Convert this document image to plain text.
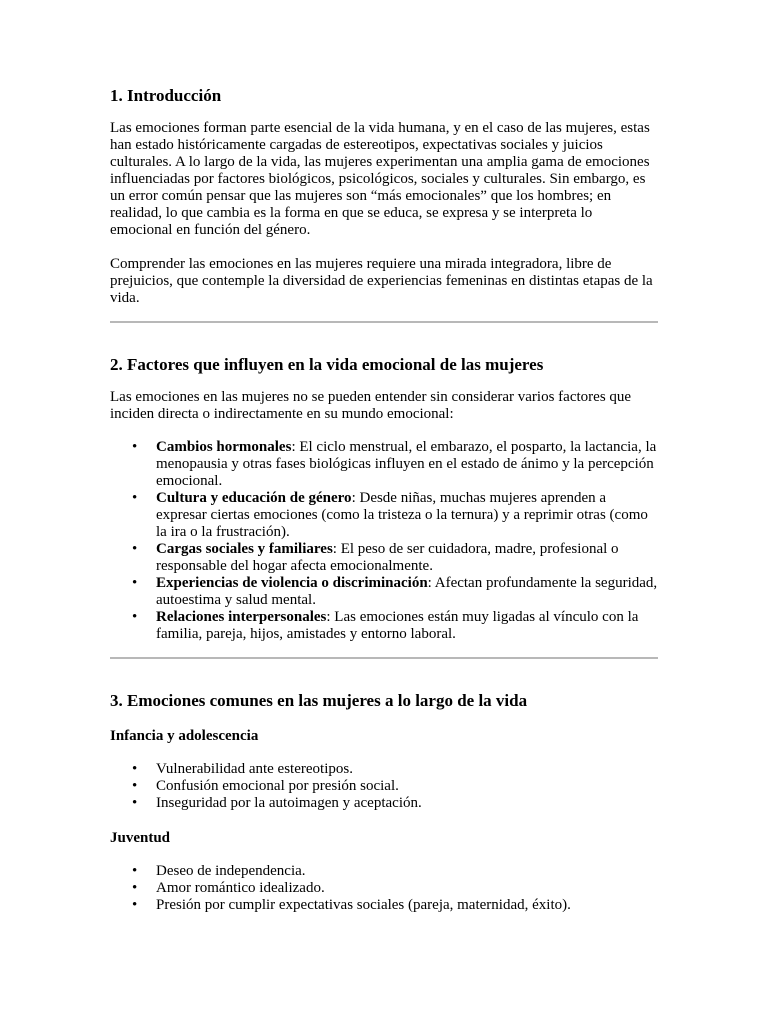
1. Introducción

Las emociones forman parte esencial de la vida humana, y en el caso de las mujeres, estas han estado históricamente cargadas de estereotipos, expectativas sociales y juicios culturales. A lo largo de la vida, las mujeres experimentan una amplia gama de emociones influenciadas por factores biológicos, psicológicos, sociales y culturales. Sin embargo, es un error común pensar que las mujeres son “más emocionales” que los hombres; en realidad, lo que cambia es la forma en que se educa, se expresa y se interpreta lo emocional en función del género.

Comprender las emociones en las mujeres requiere una mirada integradora, libre de prejuicios, que contemple la diversidad de experiencias femeninas en distintas etapas de la vida.

2. Factores que influyen en la vida emocional de las mujeres

Las emociones en las mujeres no se pueden entender sin considerar varios factores que inciden directa o indirectamente en su mundo emocional:

• Cambios hormonales: El ciclo menstrual, el embarazo, el posparto, la lactancia, la menopausia y otras fases biológicas influyen en el estado de ánimo y la percepción emocional.
• Cultura y educación de género: Desde niñas, muchas mujeres aprenden a expresar ciertas emociones (como la tristeza o la ternura) y a reprimir otras (como la ira o la frustración).
• Cargas sociales y familiares: El peso de ser cuidadora, madre, profesional o responsable del hogar afecta emocionalmente.
• Experiencias de violencia o discriminación: Afectan profundamente la seguridad, autoestima y salud mental.
• Relaciones interpersonales: Las emociones están muy ligadas al vínculo con la familia, pareja, hijos, amistades y entorno laboral.
3. Emociones comunes en las mujeres a lo largo de la vida
Infancia y adolescencia
• Vulnerabilidad ante estereotipos.
• Confusión emocional por presión social.
• Inseguridad por la autoimagen y aceptación.
Juventud
• Deseo de independencia.
• Amor romántico idealizado.
• Presión por cumplir expectativas sociales (pareja, maternidad, éxito).
